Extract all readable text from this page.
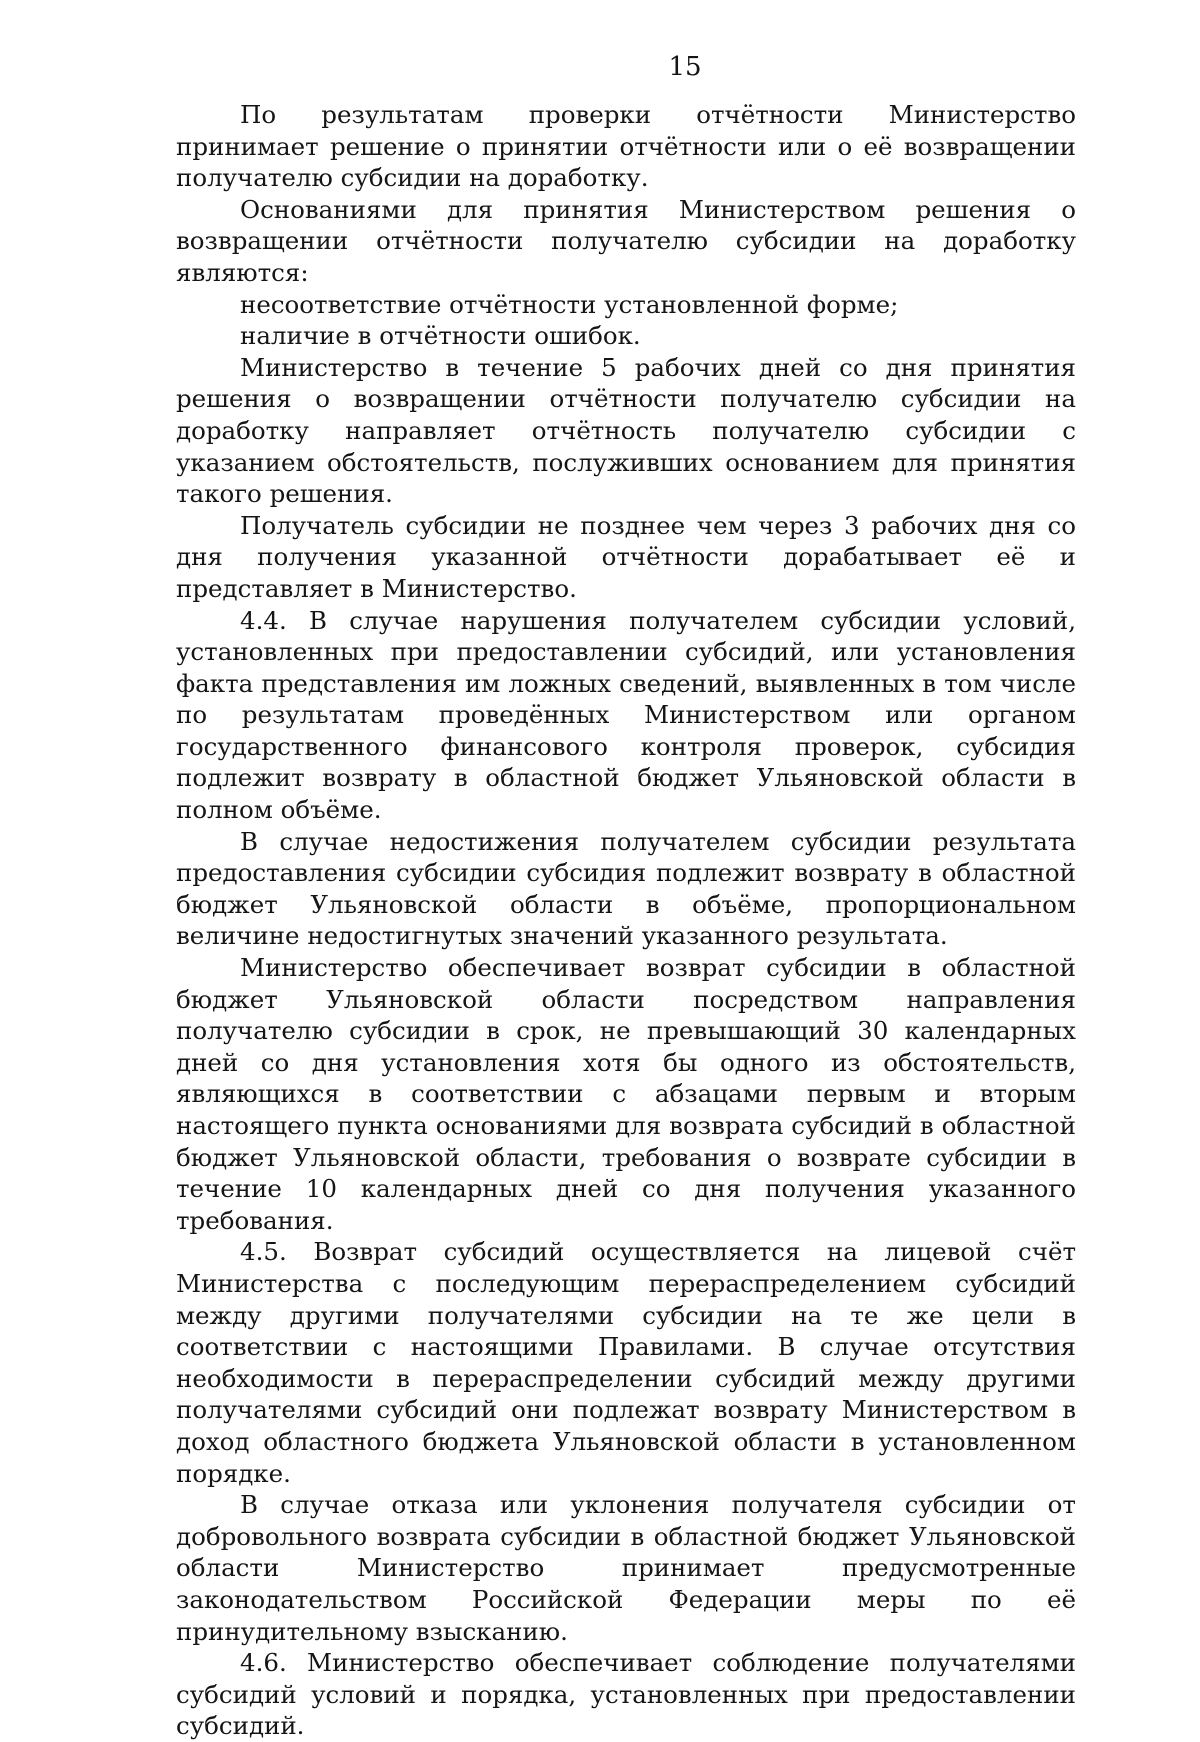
15

По результатам проверки отчётности Министерство принимает решение о принятии отчётности или о её возвращении получателю субсидии на доработку.

Основаниями для принятия Министерством решения о возвращении отчётности получателю субсидии на доработку являются:

несоответствие отчётности установленной форме;

наличие в отчётности ошибок.

Министерство в течение 5 рабочих дней со дня принятия решения о возвращении отчётности получателю субсидии на доработку направляет отчётность получателю субсидии с указанием обстоятельств, послуживших основанием для принятия такого решения.

Получатель субсидии не позднее чем через 3 рабочих дня со дня получения указанной отчётности дорабатывает её и представляет в Министерство.

4.4. В случае нарушения получателем субсидии условий, установленных при предоставлении субсидий, или установления факта представления им ложных сведений, выявленных в том числе по результатам проведённых Министерством или органом государственного финансового контроля проверок, субсидия подлежит возврату в областной бюджет Ульяновской области в полном объёме.

В случае недостижения получателем субсидии результата предоставления субсидии субсидия подлежит возврату в областной бюджет Ульяновской области в объёме, пропорциональном величине недостигнутых значений указанного результата.

Министерство обеспечивает возврат субсидии в областной бюджет Ульяновской области посредством направления получателю субсидии в срок, не превышающий 30 календарных дней со дня установления хотя бы одного из обстоятельств, являющихся в соответствии с абзацами первым и вторым настоящего пункта основаниями для возврата субсидий в областной бюджет Ульяновской области, требования о возврате субсидии в течение 10 календарных дней со дня получения указанного требования.

4.5. Возврат субсидий осуществляется на лицевой счёт Министерства с последующим перераспределением субсидий между другими получателями субсидии на те же цели в соответствии с настоящими Правилами. В случае отсутствия необходимости в перераспределении субсидий между другими получателями субсидий они подлежат возврату Министерством в доход областного бюджета Ульяновской области в установленном порядке.

В случае отказа или уклонения получателя субсидии от добровольного возврата субсидии в областной бюджет Ульяновской области Министерство принимает предусмотренные законодательством Российской Федерации меры по её принудительному взысканию.

4.6. Министерство обеспечивает соблюдение получателями субсидий условий и порядка, установленных при предоставлении субсидий.
